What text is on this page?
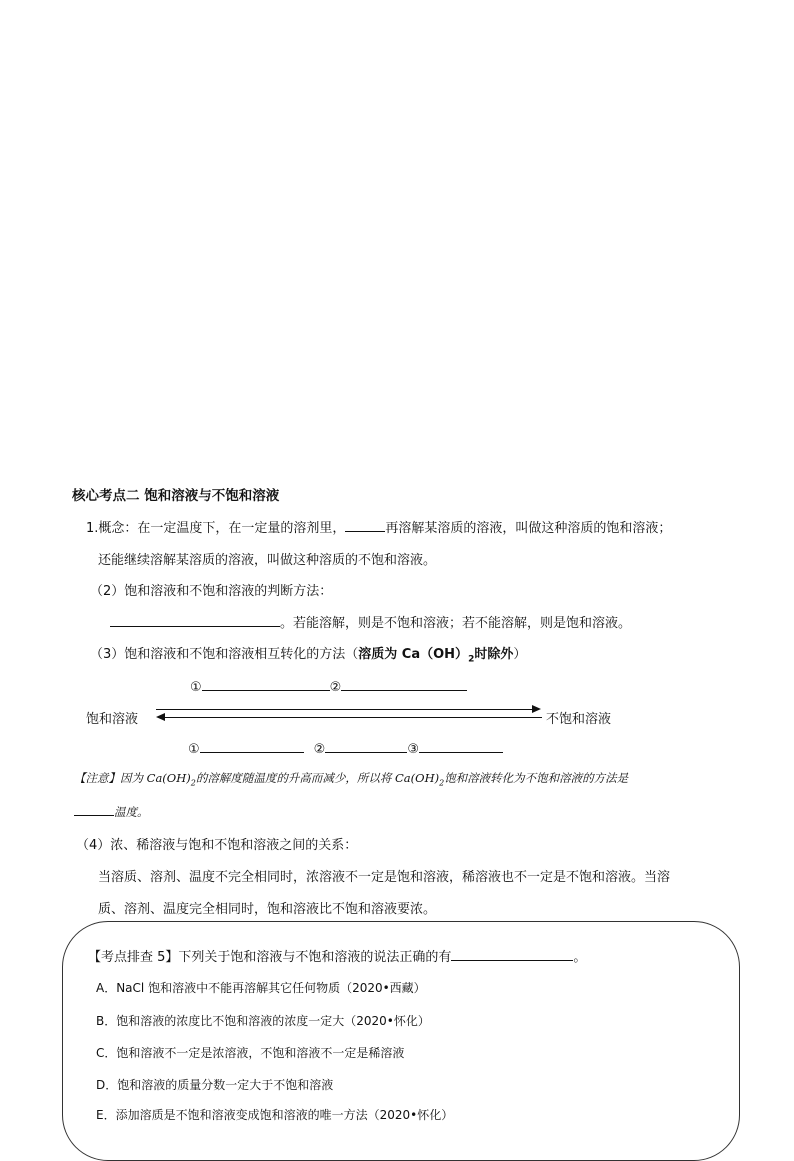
核心考点二 饱和溶液与不饱和溶液
1.概念：在一定温度下，在一定量的溶剂里，	再溶解某溶质的溶液，叫做这种溶质的饱和溶液；
还能继续溶解某溶质的溶液，叫做这种溶质的不饱和溶液。
（2）饱和溶液和不饱和溶液的判断方法：
。若能溶解，则是不饱和溶液；若不能溶解，则是饱和溶液。
（3）饱和溶液和不饱和溶液相互转化的方法（溶质为 $Ca(OH)_2$时除外）
①	②
饱和溶液	不饱和溶液
①	②	③
【注意】因为 $Ca(OH)_2$的溶解度随温度的升高而减少，所以将 $Ca(OH)_2$饱和溶液转化为不饱和溶液的方法是
温度。
（4）浓、稀溶液与饱和不饱和溶液之间的关系：
当溶质、溶剂、温度不完全相同时，浓溶液不一定是饱和溶液，稀溶液也不一定是不饱和溶液。当溶
质、溶剂、温度完全相同时，饱和溶液比不饱和溶液要浓。
【考点排查 5】下列关于饱和溶液与不饱和溶液的说法正确的有	。
A．NaCl 饱和溶液中不能再溶解其它任何物质（2020•西藏）
B．饱和溶液的浓度比不饱和溶液的浓度一定大（2020•怀化）
C．饱和溶液不一定是浓溶液，不饱和溶液不一定是稀溶液
D．饱和溶液的质量分数一定大于不饱和溶液
E．添加溶质是不饱和溶液变成饱和溶液的唯一方法（2020•怀化）
